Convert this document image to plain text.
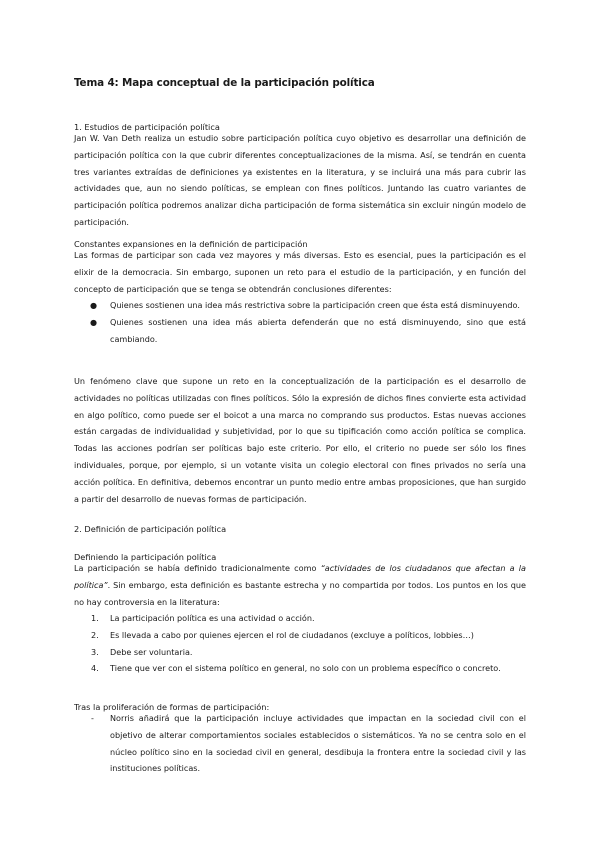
Tema 4: Mapa conceptual de la participación política
1. Estudios de participación política
Jan W. Van Deth realiza un estudio sobre participación política cuyo objetivo es desarrollar una definición de participación política con la que cubrir diferentes conceptualizaciones de la misma. Así, se tendrán en cuenta tres variantes extraídas de definiciones ya existentes en la literatura, y se incluirá una más para cubrir las actividades que, aun no siendo políticas, se emplean con fines políticos. Juntando las cuatro variantes de participación política podremos analizar dicha participación de forma sistemática sin excluir ningún modelo de participación.
Constantes expansiones en la definición de participación
Las formas de participar son cada vez mayores y más diversas. Esto es esencial, pues la participación es el elixir de la democracia. Sin embargo, suponen un reto para el estudio de la participación, y en función del concepto de participación que se tenga se obtendrán conclusiones diferentes:
● Quienes sostienen una idea más restrictiva sobre la participación creen que ésta está disminuyendo.
● Quienes sostienen una idea más abierta defenderán que no está disminuyendo, sino que está cambiando.
Un fenómeno clave que supone un reto en la conceptualización de la participación es el desarrollo de actividades no políticas utilizadas con fines políticos. Sólo la expresión de dichos fines convierte esta actividad en algo político, como puede ser el boicot a una marca no comprando sus productos. Estas nuevas acciones están cargadas de individualidad y subjetividad, por lo que su tipificación como acción política se complica. Todas las acciones podrían ser políticas bajo este criterio. Por ello, el criterio no puede ser sólo los fines individuales, porque, por ejemplo, si un votante visita un colegio electoral con fines privados no sería una acción política. En definitiva, debemos encontrar un punto medio entre ambas proposiciones, que han surgido a partir del desarrollo de nuevas formas de participación.
2. Definición de participación política
Definiendo la participación política
La participación se había definido tradicionalmente como “actividades de los ciudadanos que afectan a la política”. Sin embargo, esta definición es bastante estrecha y no compartida por todos. Los puntos en los que no hay controversia en la literatura:
1. La participación política es una actividad o acción.
2. Es llevada a cabo por quienes ejercen el rol de ciudadanos (excluye a políticos, lobbies…)
3. Debe ser voluntaria.
4. Tiene que ver con el sistema político en general, no solo con un problema específico o concreto.
Tras la proliferación de formas de participación:
- Norris añadirá que la participación incluye actividades que impactan en la sociedad civil con el objetivo de alterar comportamientos sociales establecidos o sistemáticos. Ya no se centra solo en el núcleo político sino en la sociedad civil en general, desdibuja la frontera entre la sociedad civil y las instituciones políticas.
